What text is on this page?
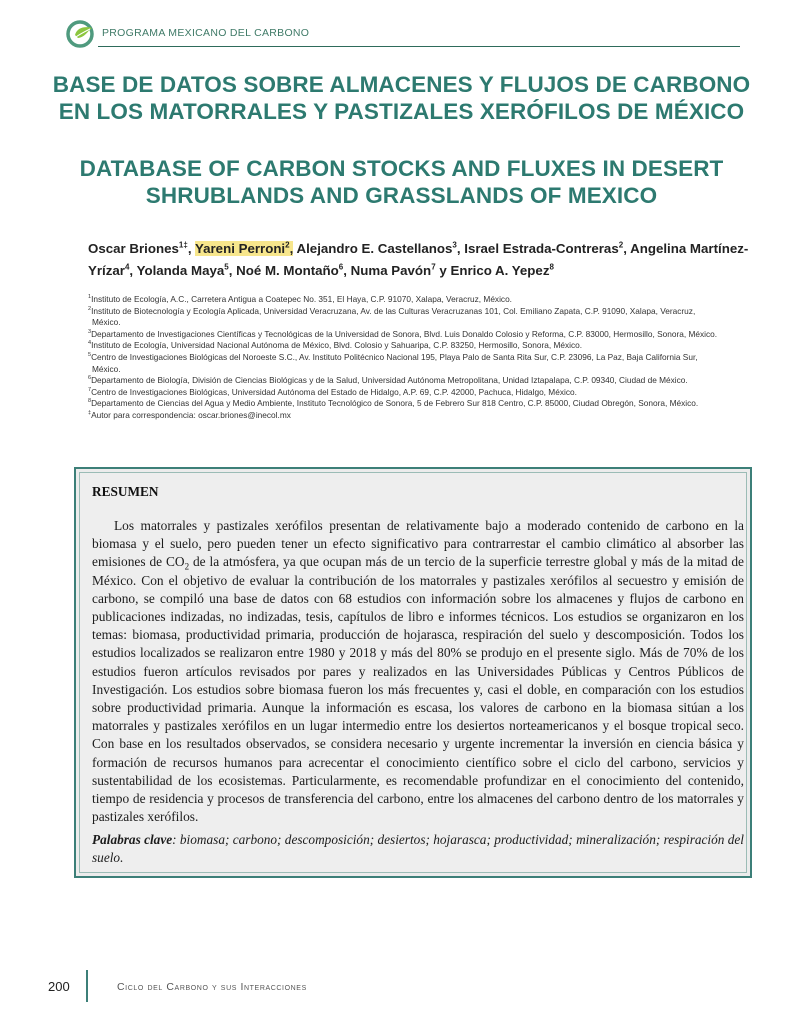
PROGRAMA MEXICANO DEL CARBONO
BASE DE DATOS SOBRE ALMACENES Y FLUJOS DE CARBONO
EN LOS MATORRALES Y PASTIZALES XERÓFILOS DE MÉXICO
DATABASE OF CARBON STOCKS AND FLUXES IN DESERT
SHRUBLANDS AND GRASSLANDS OF MEXICO
Oscar Briones$^{1\ddagger}$, Yareni Perroni$^2$, Alejandro E. Castellanos$^3$, Israel Estrada-Contreras$^2$, Angelina Martínez-
Yrízar$^4$, Yolanda Maya$^5$, Noé M. Montaño$^6$, Numa Pavón$^7$ y Enrico A. Yepez$^8$
$^1$Instituto de Ecología, A.C., Carretera Antigua a Coatepec No. 351, El Haya, C.P. 91070, Xalapa, Veracruz, México.
$^2$Instituto de Biotecnología y Ecología Aplicada, Universidad Veracruzana, Av. de las Culturas Veracruzanas 101, Col. Emiliano Zapata, C.P. 91090, Xalapa, Veracruz,
México.
$^3$Departamento de Investigaciones Científicas y Tecnológicas de la Universidad de Sonora, Blvd. Luis Donaldo Colosio y Reforma, C.P. 83000, Hermosillo, Sonora, México.
$^4$Instituto de Ecología, Universidad Nacional Autónoma de México, Blvd. Colosio y Sahuaripa, C.P. 83250, Hermosillo, Sonora, México.
$^5$Centro de Investigaciones Biológicas del Noroeste S.C., Av. Instituto Politécnico Nacional 195, Playa Palo de Santa Rita Sur, C.P. 23096, La Paz, Baja California Sur,
México.
$^6$Departamento de Biología, División de Ciencias Biológicas y de la Salud, Universidad Autónoma Metropolitana, Unidad Iztapalapa, C.P. 09340, Ciudad de México.
$^7$Centro de Investigaciones Biológicas, Universidad Autónoma del Estado de Hidalgo, A.P. 69, C.P. 42000, Pachuca, Hidalgo, México.
$^8$Departamento de Ciencias del Agua y Medio Ambiente, Instituto Tecnológico de Sonora, 5 de Febrero Sur 818 Centro, C.P. 85000, Ciudad Obregón, Sonora, México.
‡Autor para correspondencia: oscar.briones@inecol.mx
RESUMEN

Los matorrales y pastizales xerófilos presentan de relativamente bajo a moderado contenido de carbono en la biomasa y el suelo, pero pueden tener un efecto significativo para contrarrestar el cambio climático al absorber las emisiones de $CO_2$ de la atmósfera, ya que ocupan más de un tercio de la superficie terrestre global y más de la mitad de México. Con el objetivo de evaluar la contribución de los matorrales y pastizales xerófilos al secuestro y emisión de carbono, se compiló una base de datos con 68 estudios con información sobre los almacenes y flujos de carbono en publicaciones indizadas, no indizadas, tesis, capítulos de libro e informes técnicos. Los estudios se organizaron en los temas: biomasa, productividad primaria, producción de hojarasca, respiración del suelo y descomposición. Todos los estudios localizados se realizaron entre 1980 y 2018 y más del 80% se produjo en el presente siglo. Más de 70% de los estudios fueron artículos revisados por pares y realizados en las Universidades Públicas y Centros Públicos de Investigación. Los estudios sobre biomasa fueron los más frecuentes y, casi el doble, en comparación con los estudios sobre productividad primaria. Aunque la información es escasa, los valores de carbono en la biomasa sitúan a los matorrales y pastizales xerófilos en un lugar intermedio entre los desiertos norteamericanos y el bosque tropical seco. Con base en los resultados observados, se considera necesario y urgente incrementar la inversión en ciencia básica y formación de recursos humanos para acrecentar el conocimiento científico sobre el ciclo del carbono, servicios y sustentabilidad de los ecosistemas. Particularmente, es recomendable profundizar en el conocimiento del contenido, tiempo de residencia y procesos de transferencia del carbono, entre los almacenes del carbono dentro de los matorrales y pastizales xerófilos.

Palabras clave: biomasa; carbono; descomposición; desiertos; hojarasca; productividad; mineralización; respiración del suelo.

200	Ciclo del Carbono y sus Interacciones
